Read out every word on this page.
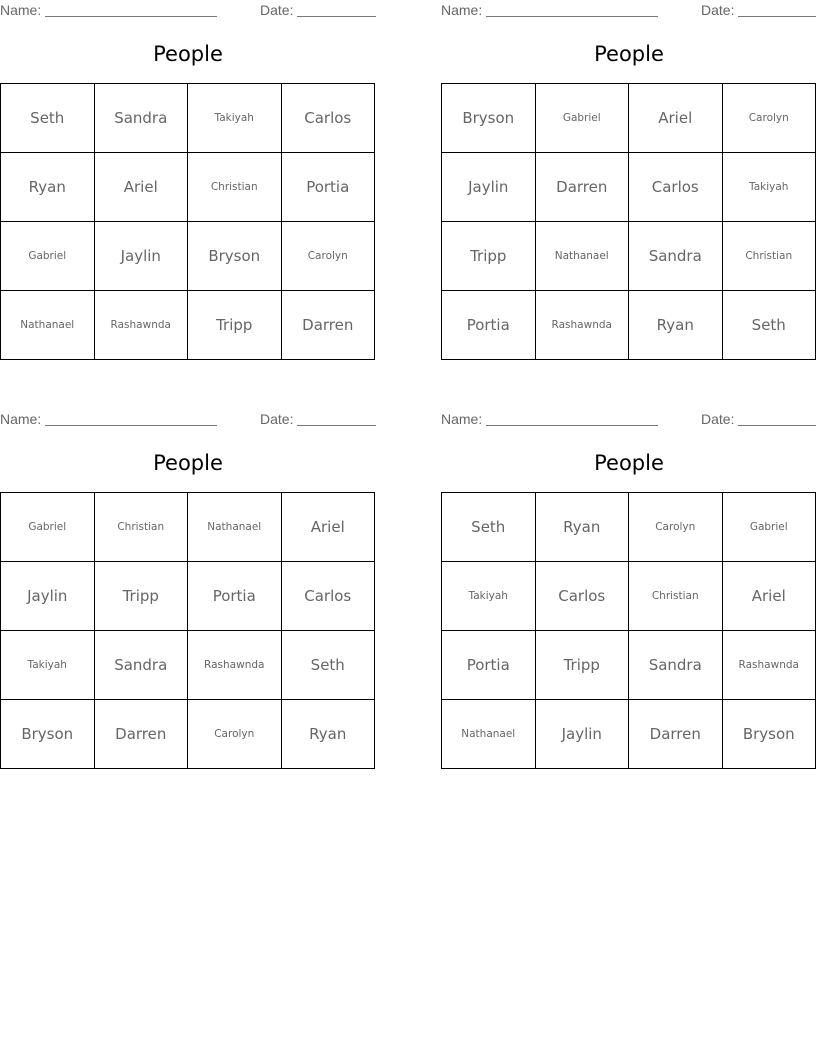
Name:	Date:
People
Seth	Sandra	Takiyah	Carlos
Ryan	Ariel	Christian	Portia
Gabriel	Jaylin	Bryson	Carolyn
Nathanael	Rashawnda	Tripp	Darren
Name:	Date:
People
Bryson	Gabriel	Ariel	Carolyn
Jaylin	Darren	Carlos	Takiyah
Tripp	Nathanael	Sandra	Christian
Portia	Rashawnda	Ryan	Seth
Name:	Date:
People
Gabriel	Christian	Nathanael	Ariel
Jaylin	Tripp	Portia	Carlos
Takiyah	Sandra	Rashawnda	Seth
Bryson	Darren	Carolyn	Ryan
Name:	Date:
People
Seth	Ryan	Carolyn	Gabriel
Takiyah	Carlos	Christian	Ariel
Portia	Tripp	Sandra	Rashawnda
Nathanael	Jaylin	Darren	Bryson
